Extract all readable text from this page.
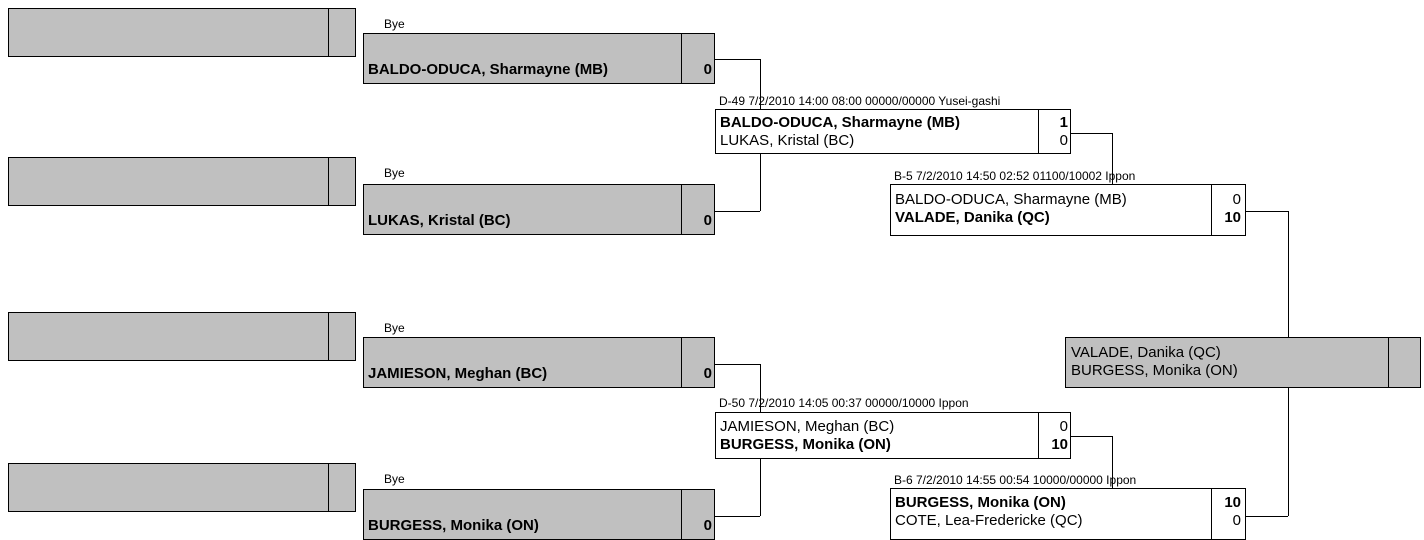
Bye
Bye
Bye
Bye
BALDO-ODUCA, Sharmayne (MB)	0
LUKAS, Kristal (BC)	0
JAMIESON, Meghan (BC)	0
BURGESS, Monika (ON)	0
D-49 7/2/2010 14:00 08:00 00000/00000 Yusei-gashi
BALDO-ODUCA, Sharmayne (MB)	1
LUKAS, Kristal (BC)	0
D-50 7/2/2010 14:05 00:37 00000/10000 Ippon
JAMIESON, Meghan (BC)	0
BURGESS, Monika (ON)	10
B-5 7/2/2010 14:50 02:52 01100/10002 Ippon
BALDO-ODUCA, Sharmayne (MB)	0
VALADE, Danika (QC)	10
B-6 7/2/2010 14:55 00:54 10000/00000 Ippon
BURGESS, Monika (ON)	10
COTE, Lea-Fredericke (QC)	0
VALADE, Danika (QC)
BURGESS, Monika (ON)
